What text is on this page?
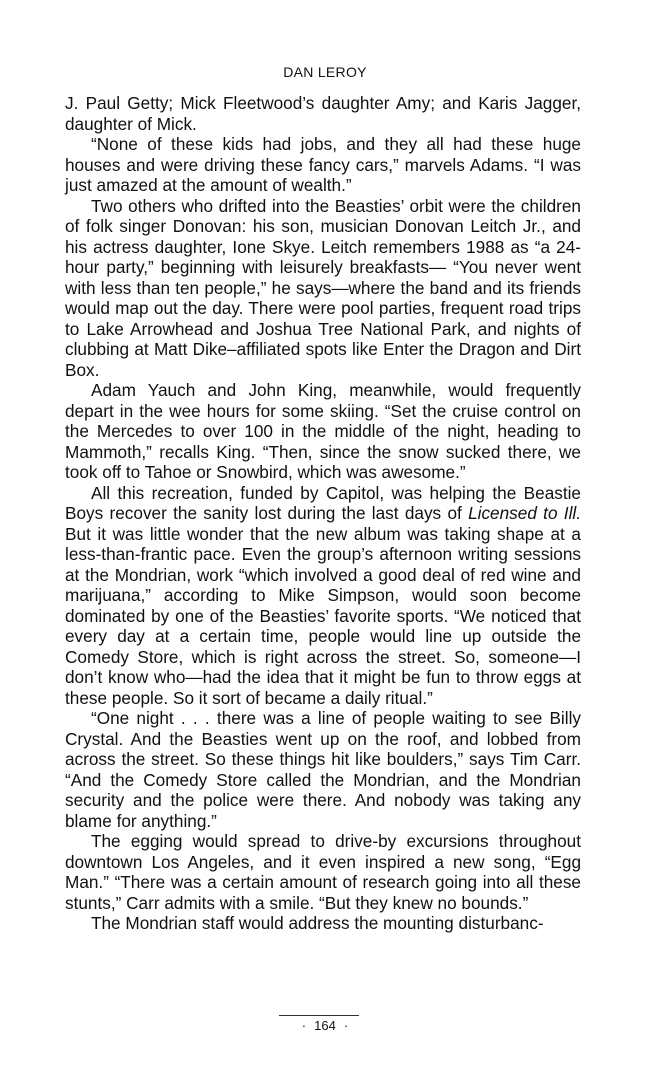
DAN LEROY

J. Paul Getty; Mick Fleetwood’s daughter Amy; and Karis Jagger, daughter of Mick.

“None of these kids had jobs, and they all had these huge houses and were driving these fancy cars,” marvels Adams. “I was just amazed at the amount of wealth.”

Two others who drifted into the Beasties’ orbit were the children of folk singer Donovan: his son, musician Donovan Leitch Jr., and his actress daughter, Ione Skye. Leitch remembers 1988 as “a 24-hour party,” beginning with leisurely breakfasts— “You never went with less than ten people,” he says—where the band and its friends would map out the day. There were pool parties, frequent road trips to Lake Arrowhead and Joshua Tree National Park, and nights of clubbing at Matt Dike–affiliated spots like Enter the Dragon and Dirt Box.

Adam Yauch and John King, meanwhile, would frequently depart in the wee hours for some skiing. “Set the cruise control on the Mercedes to over 100 in the middle of the night, heading to Mammoth,” recalls King. “Then, since the snow sucked there, we took off to Tahoe or Snowbird, which was awesome.”

All this recreation, funded by Capitol, was helping the Beastie Boys recover the sanity lost during the last days of Licensed to Ill. But it was little wonder that the new album was taking shape at a less-than-frantic pace. Even the group’s afternoon writing sessions at the Mondrian, work “which involved a good deal of red wine and marijuana,” according to Mike Simpson, would soon become dominated by one of the Beasties’ favorite sports. “We noticed that every day at a certain time, people would line up outside the Comedy Store, which is right across the street. So, someone—I don’t know who—had the idea that it might be fun to throw eggs at these people. So it sort of became a daily ritual.”

“One night . . . there was a line of people waiting to see Billy Crystal. And the Beasties went up on the roof, and lobbed from across the street. So these things hit like boulders,” says Tim Carr. “And the Comedy Store called the Mondrian, and the Mondrian security and the police were there. And nobody was taking any blame for anything.”

The egging would spread to drive-by excursions throughout downtown Los Angeles, and it even inspired a new song, “Egg Man.” “There was a certain amount of research going into all these stunts,” Carr admits with a smile. “But they knew no bounds.”

The Mondrian staff would address the mounting disturbanc-

· 164 ·
